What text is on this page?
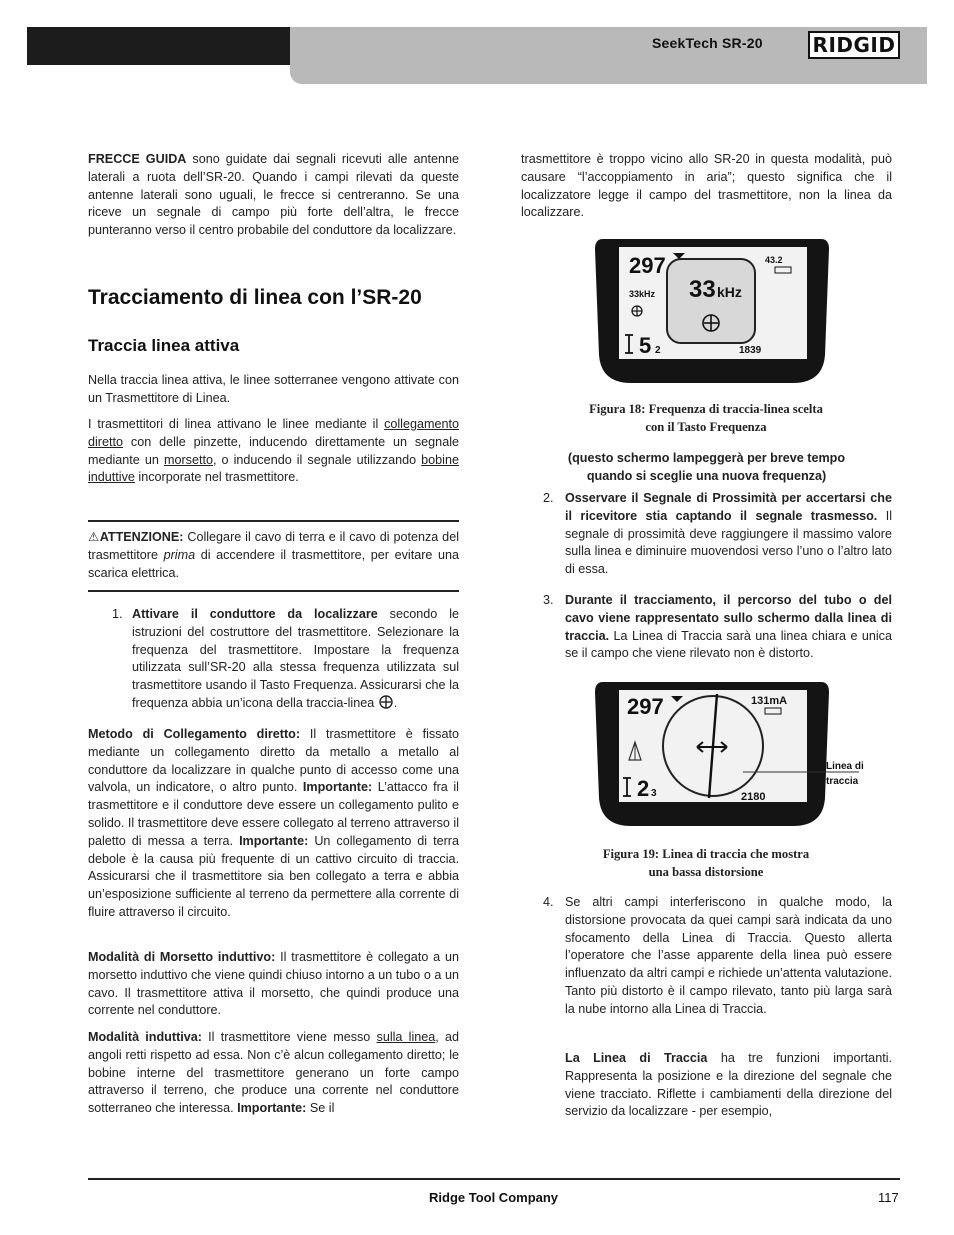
SeekTech SR-20 RIDGID

FRECCE GUIDA sono guidate dai segnali ricevuti alle antenne laterali a ruota dell’SR-20. Quando i campi rilevati da queste antenne laterali sono uguali, le frecce si centreranno. Se una riceve un segnale di campo più forte dell’altra, le frecce punteranno verso il centro probabile del conduttore da localizzare.

Tracciamento di linea con l’SR-20
Traccia linea attiva

Nella traccia linea attiva, le linee sotterranee vengono attivate con un Trasmettitore di Linea.

I trasmettitori di linea attivano le linee mediante il collegamento diretto con delle pinzette, inducendo direttamente un segnale mediante un morsetto, o inducendo il segnale utilizzando bobine induttive incorporate nel trasmettitore.

⚠ATTENZIONE: Collegare il cavo di terra e il cavo di potenza del trasmettitore prima di accendere il trasmettitore, per evitare una scarica elettrica.

1. Attivare il conduttore da localizzare secondo le istruzioni del costruttore del trasmettitore. Selezionare la frequenza del trasmettitore. Impostare la frequenza utilizzata sull’SR-20 alla stessa frequenza utilizzata sul trasmettitore usando il Tasto Frequenza. Assicurarsi che la frequenza abbia un’icona della traccia-linea .

Metodo di Collegamento diretto: Il trasmettitore è fissato mediante un collegamento diretto da metallo a metallo al conduttore da localizzare in qualche punto di accesso come una valvola, un indicatore, o altro punto. Importante: L’attacco fra il trasmettitore e il conduttore deve essere un collegamento pulito e solido. Il trasmettitore deve essere collegato al terreno attraverso il paletto di messa a terra. Importante: Un collegamento di terra debole è la causa più frequente di un cattivo circuito di traccia. Assicurarsi che il trasmettitore sia ben collegato a terra e abbia un’esposizione sufficiente al terreno da permettere alla corrente di fluire attraverso il circuito.

Modalità di Morsetto induttivo: Il trasmettitore è collegato a un morsetto induttivo che viene quindi chiuso intorno a un tubo o a un cavo. Il trasmettitore attiva il morsetto, che quindi produce una corrente nel conduttore.

Modalità induttiva: Il trasmettitore viene messo sulla linea, ad angoli retti rispetto ad essa. Non c’è alcun collegamento diretto; le bobine interne del trasmettitore generano un forte campo attraverso il terreno, che produce una corrente nel conduttore sotterraneo che interessa. Importante: Se il

trasmettitore è troppo vicino allo SR-20 in questa modalità, può causare “l’accoppiamento in aria”; questo significa che il localizzatore legge il campo del trasmettitore, non la linea da localizzare.

297
33 kHz
33kHz
43.2
5 2	1839
Figura 18: Frequenza di traccia-linea scelta
con il Tasto Frequenza
(questo schermo lampeggerà per breve tempo
quando si sceglie una nuova frequenza)
2. Osservare il Segnale di Prossimità per accertarsi che il ricevitore stia captando il segnale trasmesso. Il segnale di prossimità deve raggiungere il massimo valore sulla linea e diminuire muovendosi verso l’uno o l’altro lato di essa.

3. Durante il tracciamento, il percorso del tubo o del cavo viene rappresentato sullo schermo dalla linea di traccia. La Linea di Traccia sarà una linea chiara e unica se il campo che viene rilevato non è distorto.

297	131mA
2 3	2180
Linea di
traccia
Figura 19: Linea di traccia che mostra
una bassa distorsione
4. Se altri campi interferiscono in qualche modo, la distorsione provocata da quei campi sarà indicata da uno sfocamento della Linea di Traccia. Questo allerta l’operatore che l’asse apparente della linea può essere influenzato da altri campi e richiede un’attenta valutazione. Tanto più distorto è il campo rilevato, tanto più larga sarà la nube intorno alla Linea di Traccia.

La Linea di Traccia ha tre funzioni importanti. Rappresenta la posizione e la direzione del segnale che viene tracciato. Riflette i cambiamenti della direzione del servizio da localizzare - per esempio,

Ridge Tool Company	117
